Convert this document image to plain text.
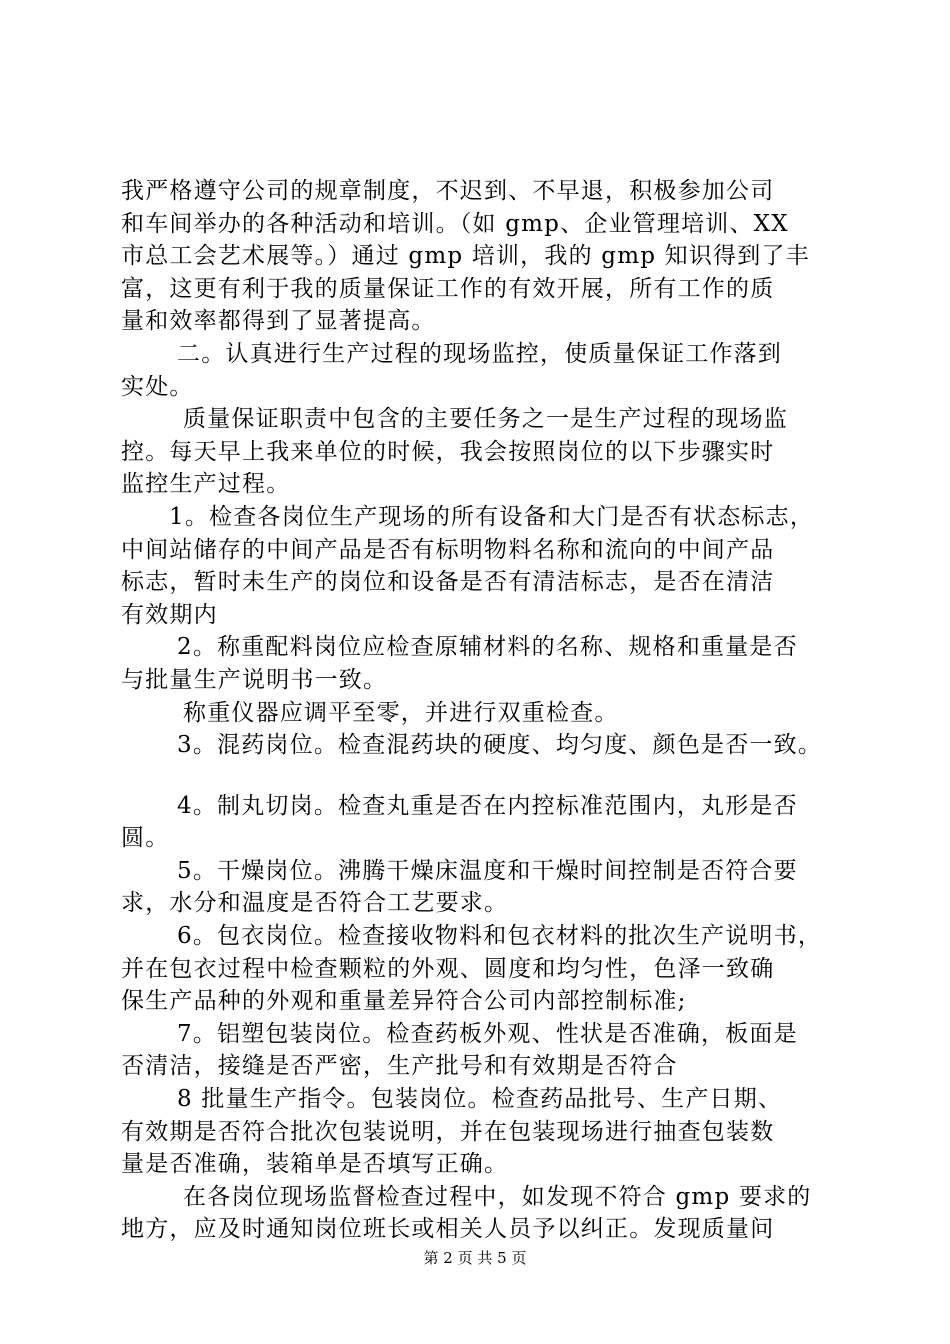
我严格遵守公司的规章制度，不迟到、不早退，积极参加公司
和车间举办的各种活动和培训。（如 gmp、企业管理培训、XX
市总工会艺术展等。）通过 gmp 培训，我的 gmp 知识得到了丰
富，这更有利于我的质量保证工作的有效开展，所有工作的质
量和效率都得到了显著提高。
二。认真进行生产过程的现场监控，使质量保证工作落到
实处。
质量保证职责中包含的主要任务之一是生产过程的现场监
控。每天早上我来单位的时候，我会按照岗位的以下步骤实时
监控生产过程。
1。检查各岗位生产现场的所有设备和大门是否有状态标志，
中间站储存的中间产品是否有标明物料名称和流向的中间产品
标志，暂时未生产的岗位和设备是否有清洁标志，是否在清洁
有效期内
2。称重配料岗位应检查原辅材料的名称、规格和重量是否
与批量生产说明书一致。
称重仪器应调平至零，并进行双重检查。
3。混药岗位。检查混药块的硬度、均匀度、颜色是否一致。
4。制丸切岗。检查丸重是否在内控标准范围内，丸形是否
圆。
5。干燥岗位。沸腾干燥床温度和干燥时间控制是否符合要
求，水分和温度是否符合工艺要求。
6。包衣岗位。检查接收物料和包衣材料的批次生产说明书，
并在包衣过程中检查颗粒的外观、圆度和均匀性，色泽一致确
保生产品种的外观和重量差异符合公司内部控制标准;
7。铝塑包装岗位。检查药板外观、性状是否准确，板面是
否清洁，接缝是否严密，生产批号和有效期是否符合
8 批量生产指令。包装岗位。检查药品批号、生产日期、
有效期是否符合批次包装说明，并在包装现场进行抽查包装数
量是否准确，装箱单是否填写正确。
在各岗位现场监督检查过程中，如发现不符合 gmp 要求的
地方，应及时通知岗位班长或相关人员予以纠正。发现质量问
第 2 页 共 5 页
